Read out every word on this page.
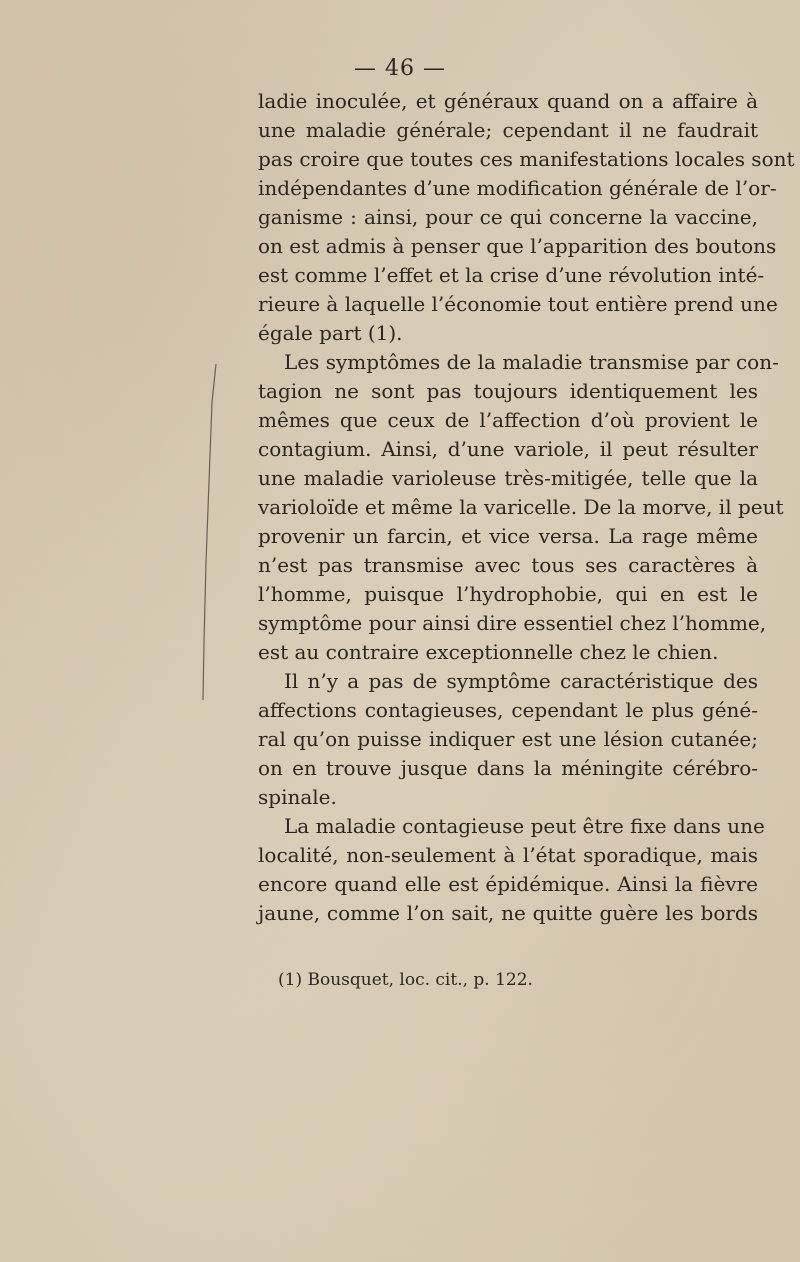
— 46 —
ladie inoculée, et généraux quand on a affaire à
une maladie générale; cependant il ne faudrait
pas croire que toutes ces manifestations locales sont
indépendantes d’une modification générale de l’or-
ganisme : ainsi, pour ce qui concerne la vaccine,
on est admis à penser que l’apparition des boutons
est comme l’effet et la crise d’une révolution inté-
rieure à laquelle l’économie tout entière prend une
égale part (1).
Les symptômes de la maladie transmise par con-
tagion ne sont pas toujours identiquement les
mêmes que ceux de l’affection d’où provient le
contagium. Ainsi, d’une variole, il peut résulter
une maladie varioleuse très-mitigée, telle que la
varioloïde et même la varicelle. De la morve, il peut
provenir un farcin, et vice versa. La rage même
n’est pas transmise avec tous ses caractères à
l’homme, puisque l’hydrophobie, qui en est le
symptôme pour ainsi dire essentiel chez l’homme,
est au contraire exceptionnelle chez le chien.
Il n’y a pas de symptôme caractéristique des
affections contagieuses, cependant le plus géné-
ral qu’on puisse indiquer est une lésion cutanée;
on en trouve jusque dans la méningite cérébro-
spinale.
La maladie contagieuse peut être fixe dans une
localité, non-seulement à l’état sporadique, mais
encore quand elle est épidémique. Ainsi la fièvre
jaune, comme l’on sait, ne quitte guère les bords
(1) Bousquet, loc. cit., p. 122.
